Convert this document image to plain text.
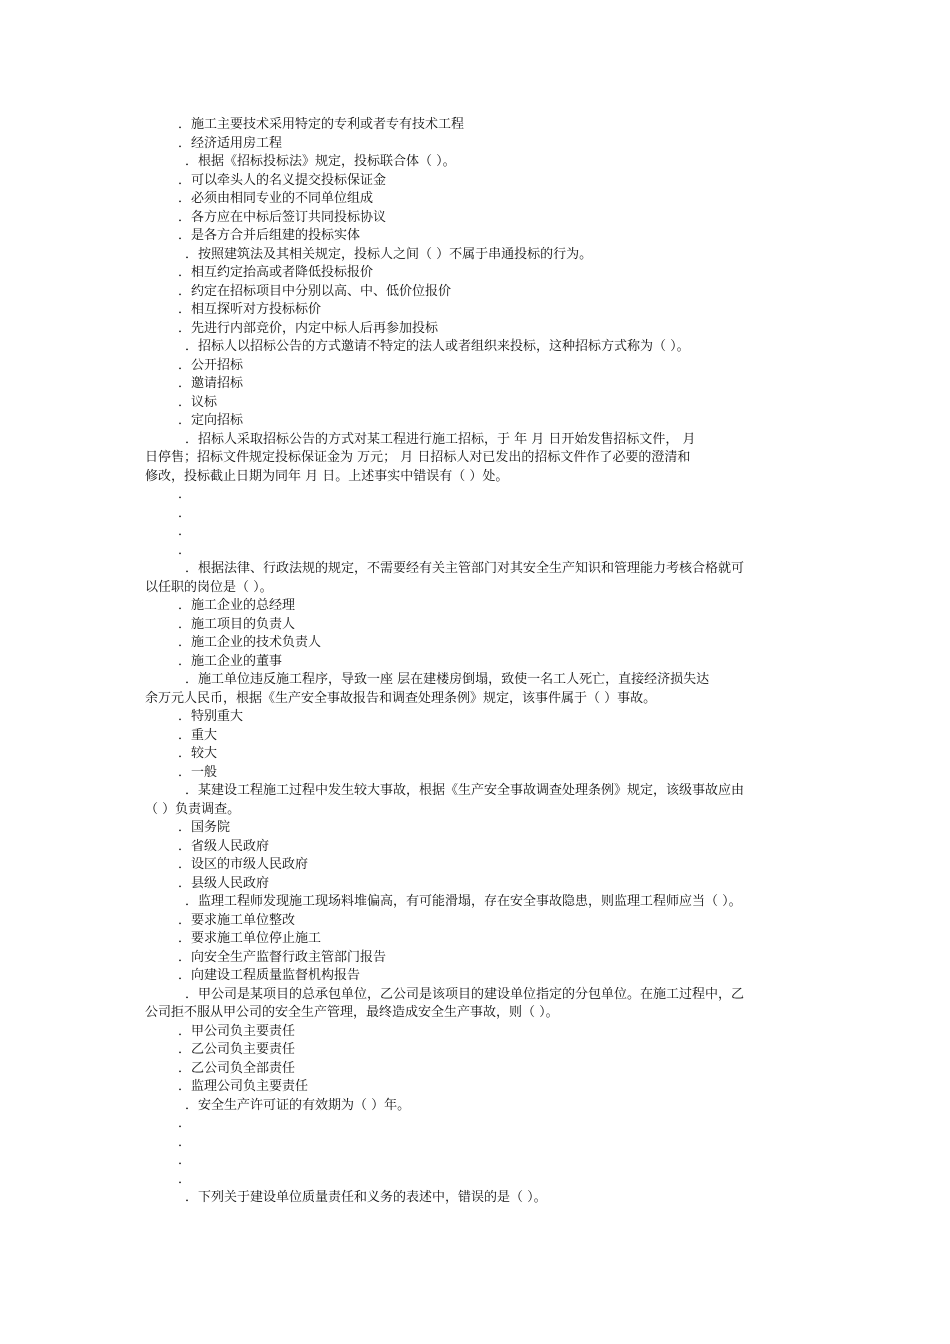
．施工主要技术采用特定的专利或者专有技术工程
．经济适用房工程
．根据《招标投标法》规定，投标联合体（ ）。
．可以牵头人的名义提交投标保证金
．必须由相同专业的不同单位组成
．各方应在中标后签订共同投标协议
．是各方合并后组建的投标实体
．按照建筑法及其相关规定，投标人之间（ ）不属于串通投标的行为。
．相互约定抬高或者降低投标报价
．约定在招标项目中分别以高、中、低价位报价
．相互探听对方投标标价
．先进行内部竞价，内定中标人后再参加投标
．招标人以招标公告的方式邀请不特定的法人或者组织来投标，这种招标方式称为（ ）。
．公开招标
．邀请招标
．议标
．定向招标
．招标人采取招标公告的方式对某工程进行施工招标，于 年 月 日开始发售招标文件， 月
日停售；招标文件规定投标保证金为 万元； 月 日招标人对已发出的招标文件作了必要的澄清和
修改，投标截止日期为同年 月 日。上述事实中错误有（ ）处。
．
．
．
．
．根据法律、行政法规的规定，不需要经有关主管部门对其安全生产知识和管理能力考核合格就可
以任职的岗位是（ ）。
．施工企业的总经理
．施工项目的负责人
．施工企业的技术负责人
．施工企业的董事
．施工单位违反施工程序，导致一座 层在建楼房倒塌，致使一名工人死亡，直接经济损失达
余万元人民币，根据《生产安全事故报告和调查处理条例》规定，该事件属于（ ）事故。
．特别重大
．重大
．较大
．一般
．某建设工程施工过程中发生较大事故，根据《生产安全事故调查处理条例》规定，该级事故应由
（ ）负责调查。
．国务院
．省级人民政府
．设区的市级人民政府
．县级人民政府
．监理工程师发现施工现场料堆偏高，有可能滑塌，存在安全事故隐患，则监理工程师应当（ ）。
．要求施工单位整改
．要求施工单位停止施工
．向安全生产监督行政主管部门报告
．向建设工程质量监督机构报告
．甲公司是某项目的总承包单位，乙公司是该项目的建设单位指定的分包单位。在施工过程中，乙
公司拒不服从甲公司的安全生产管理，最终造成安全生产事故，则（ ）。
．甲公司负主要责任
．乙公司负主要责任
．乙公司负全部责任
．监理公司负主要责任
．安全生产许可证的有效期为（ ）年。
．
．
．
．
．下列关于建设单位质量责任和义务的表述中，错误的是（ ）。
